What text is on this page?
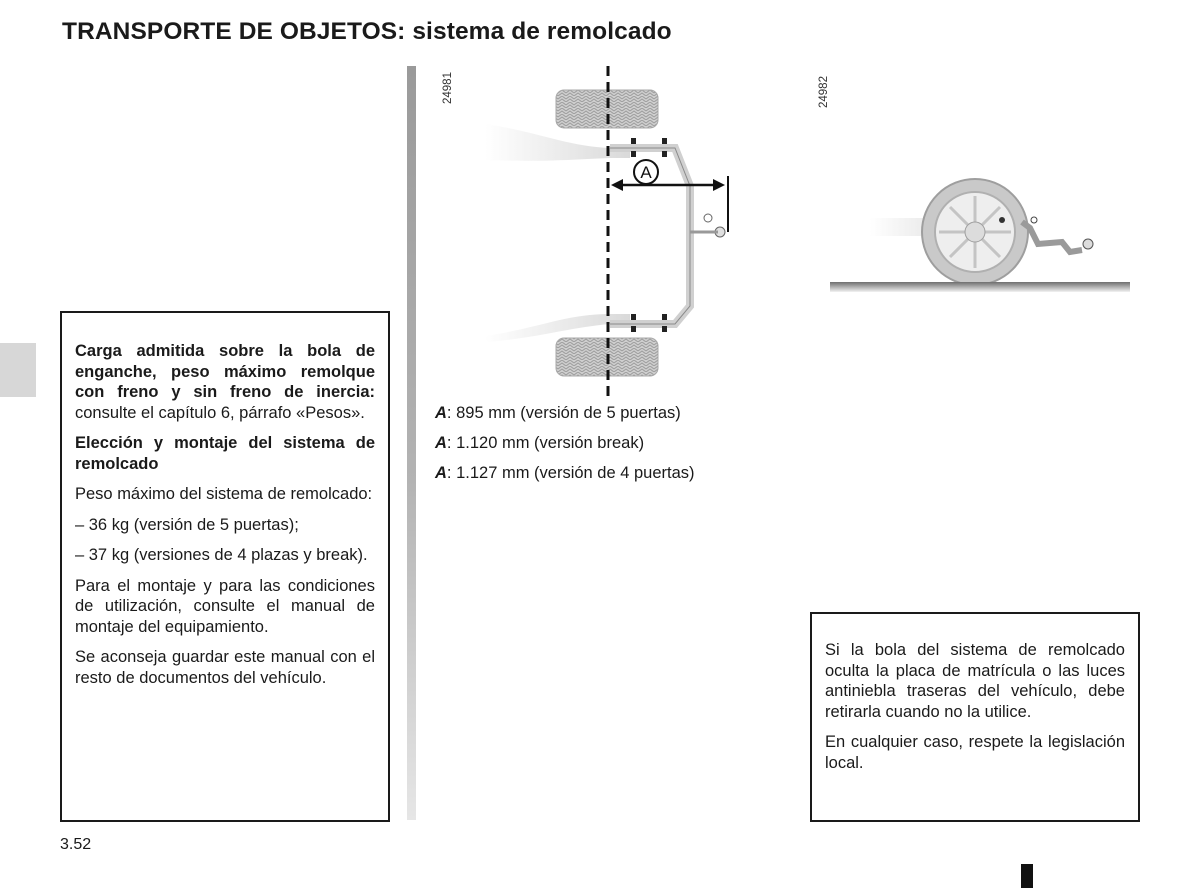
TRANSPORTE DE OBJETOS: sistema de remolcado
24981
A
24982
A: 895 mm (versión de 5 puertas)
A: 1.120 mm (versión break)
A: 1.127 mm (versión de 4 puertas)

Carga admitida sobre la bola de enganche, peso máximo remolque con freno y sin freno de inercia: consulte el capítulo 6, párrafo «Pesos».

Elección y montaje del sistema de remolcado

Peso máximo del sistema de remolcado:

– 36 kg (versión de 5 puertas);

– 37 kg (versiones de 4 plazas y break).

Para el montaje y para las condiciones de utilización, consulte el manual de montaje del equipamiento.

Se aconseja guardar este manual con el resto de documentos del vehículo.

Si la bola del sistema de remolcado oculta la placa de matrícula o las luces antiniebla traseras del vehículo, debe retirarla cuando no la utilice.

En cualquier caso, respete la legislación local.

3.52
